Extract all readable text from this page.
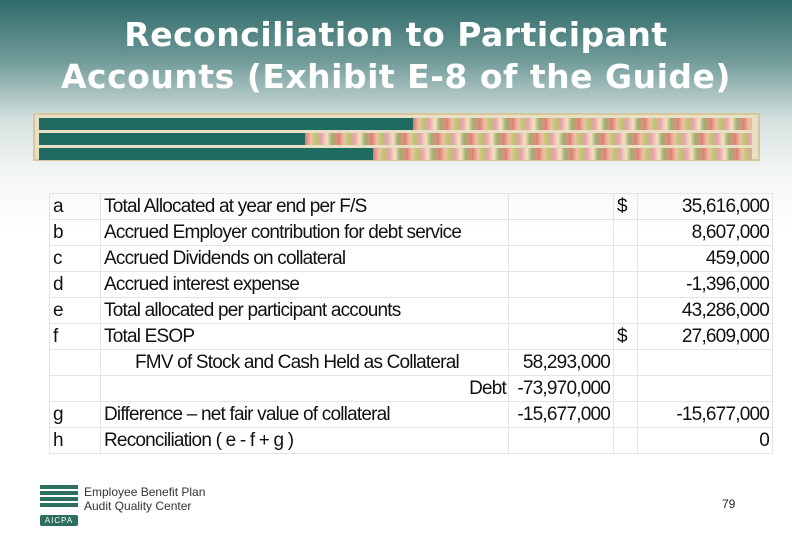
Reconciliation to Participant
Accounts (Exhibit E-8 of the Guide)
a	Total Allocated at year end per F/S		$	35,616,000
b	Accrued Employer contribution for debt service			8,607,000
c	Accrued Dividends on collateral			459,000
d	Accrued interest expense			-1,396,000
e	Total allocated per participant accounts			43,286,000
f	Total ESOP		$	27,609,000
	FMV of Stock and Cash Held as Collateral	58,293,000		
	Debt	-73,970,000		
g	Difference – net fair value of collateral	-15,677,000		-15,677,000
h	Reconciliation ( e - f + g )			0
AICPA
Employee Benefit Plan
Audit Quality Center	79
